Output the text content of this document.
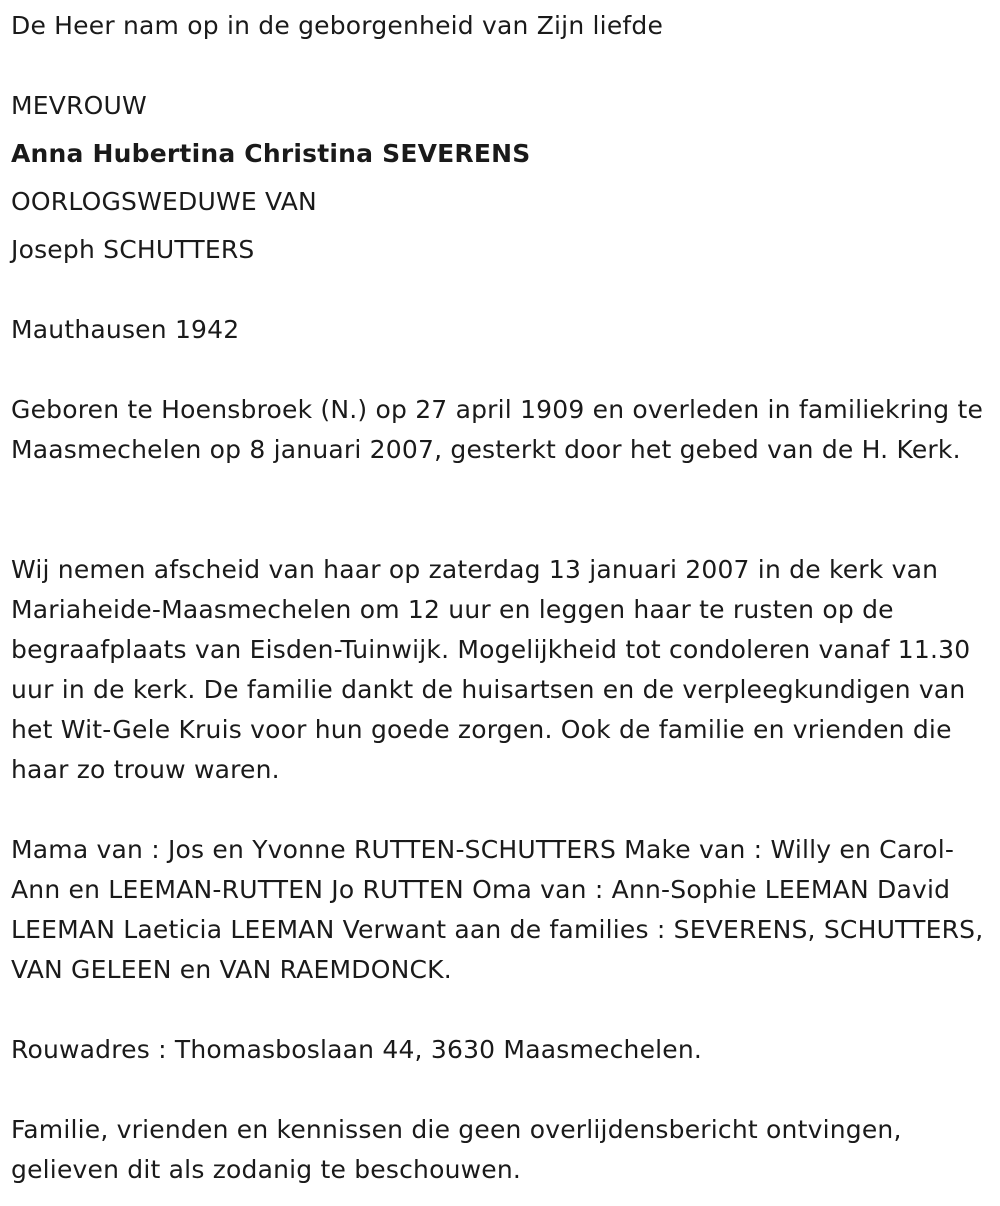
De Heer nam op in de geborgenheid van Zijn liefde
MEVROUW
Anna Hubertina Christina SEVERENS
OORLOGSWEDUWE VAN
Joseph SCHUTTERS
Mauthausen 1942
Geboren te Hoensbroek (N.) op 27 april 1909 en overleden in familiekring te Maasmechelen op 8 januari 2007, gesterkt door het gebed van de H. Kerk.
Wij nemen afscheid van haar op zaterdag 13 januari 2007 in de kerk van Mariaheide-Maasmechelen om 12 uur en leggen haar te rusten op de begraafplaats van Eisden-Tuinwijk. Mogelijkheid tot condoleren vanaf 11.30 uur in de kerk. De familie dankt de huisartsen en de verpleegkundigen van het Wit-Gele Kruis voor hun goede zorgen. Ook de familie en vrienden die haar zo trouw waren.
Mama van : Jos en Yvonne RUTTEN-SCHUTTERS Make van : Willy en Carol-Ann en LEEMAN-RUTTEN Jo RUTTEN Oma van : Ann-Sophie LEEMAN David LEEMAN Laeticia LEEMAN Verwant aan de families : SEVERENS, SCHUTTERS, VAN GELEEN en VAN RAEMDONCK.
Rouwadres : Thomasboslaan 44, 3630 Maasmechelen.
Familie, vrienden en kennissen die geen overlijdensbericht ontvingen, gelieven dit als zodanig te beschouwen.
